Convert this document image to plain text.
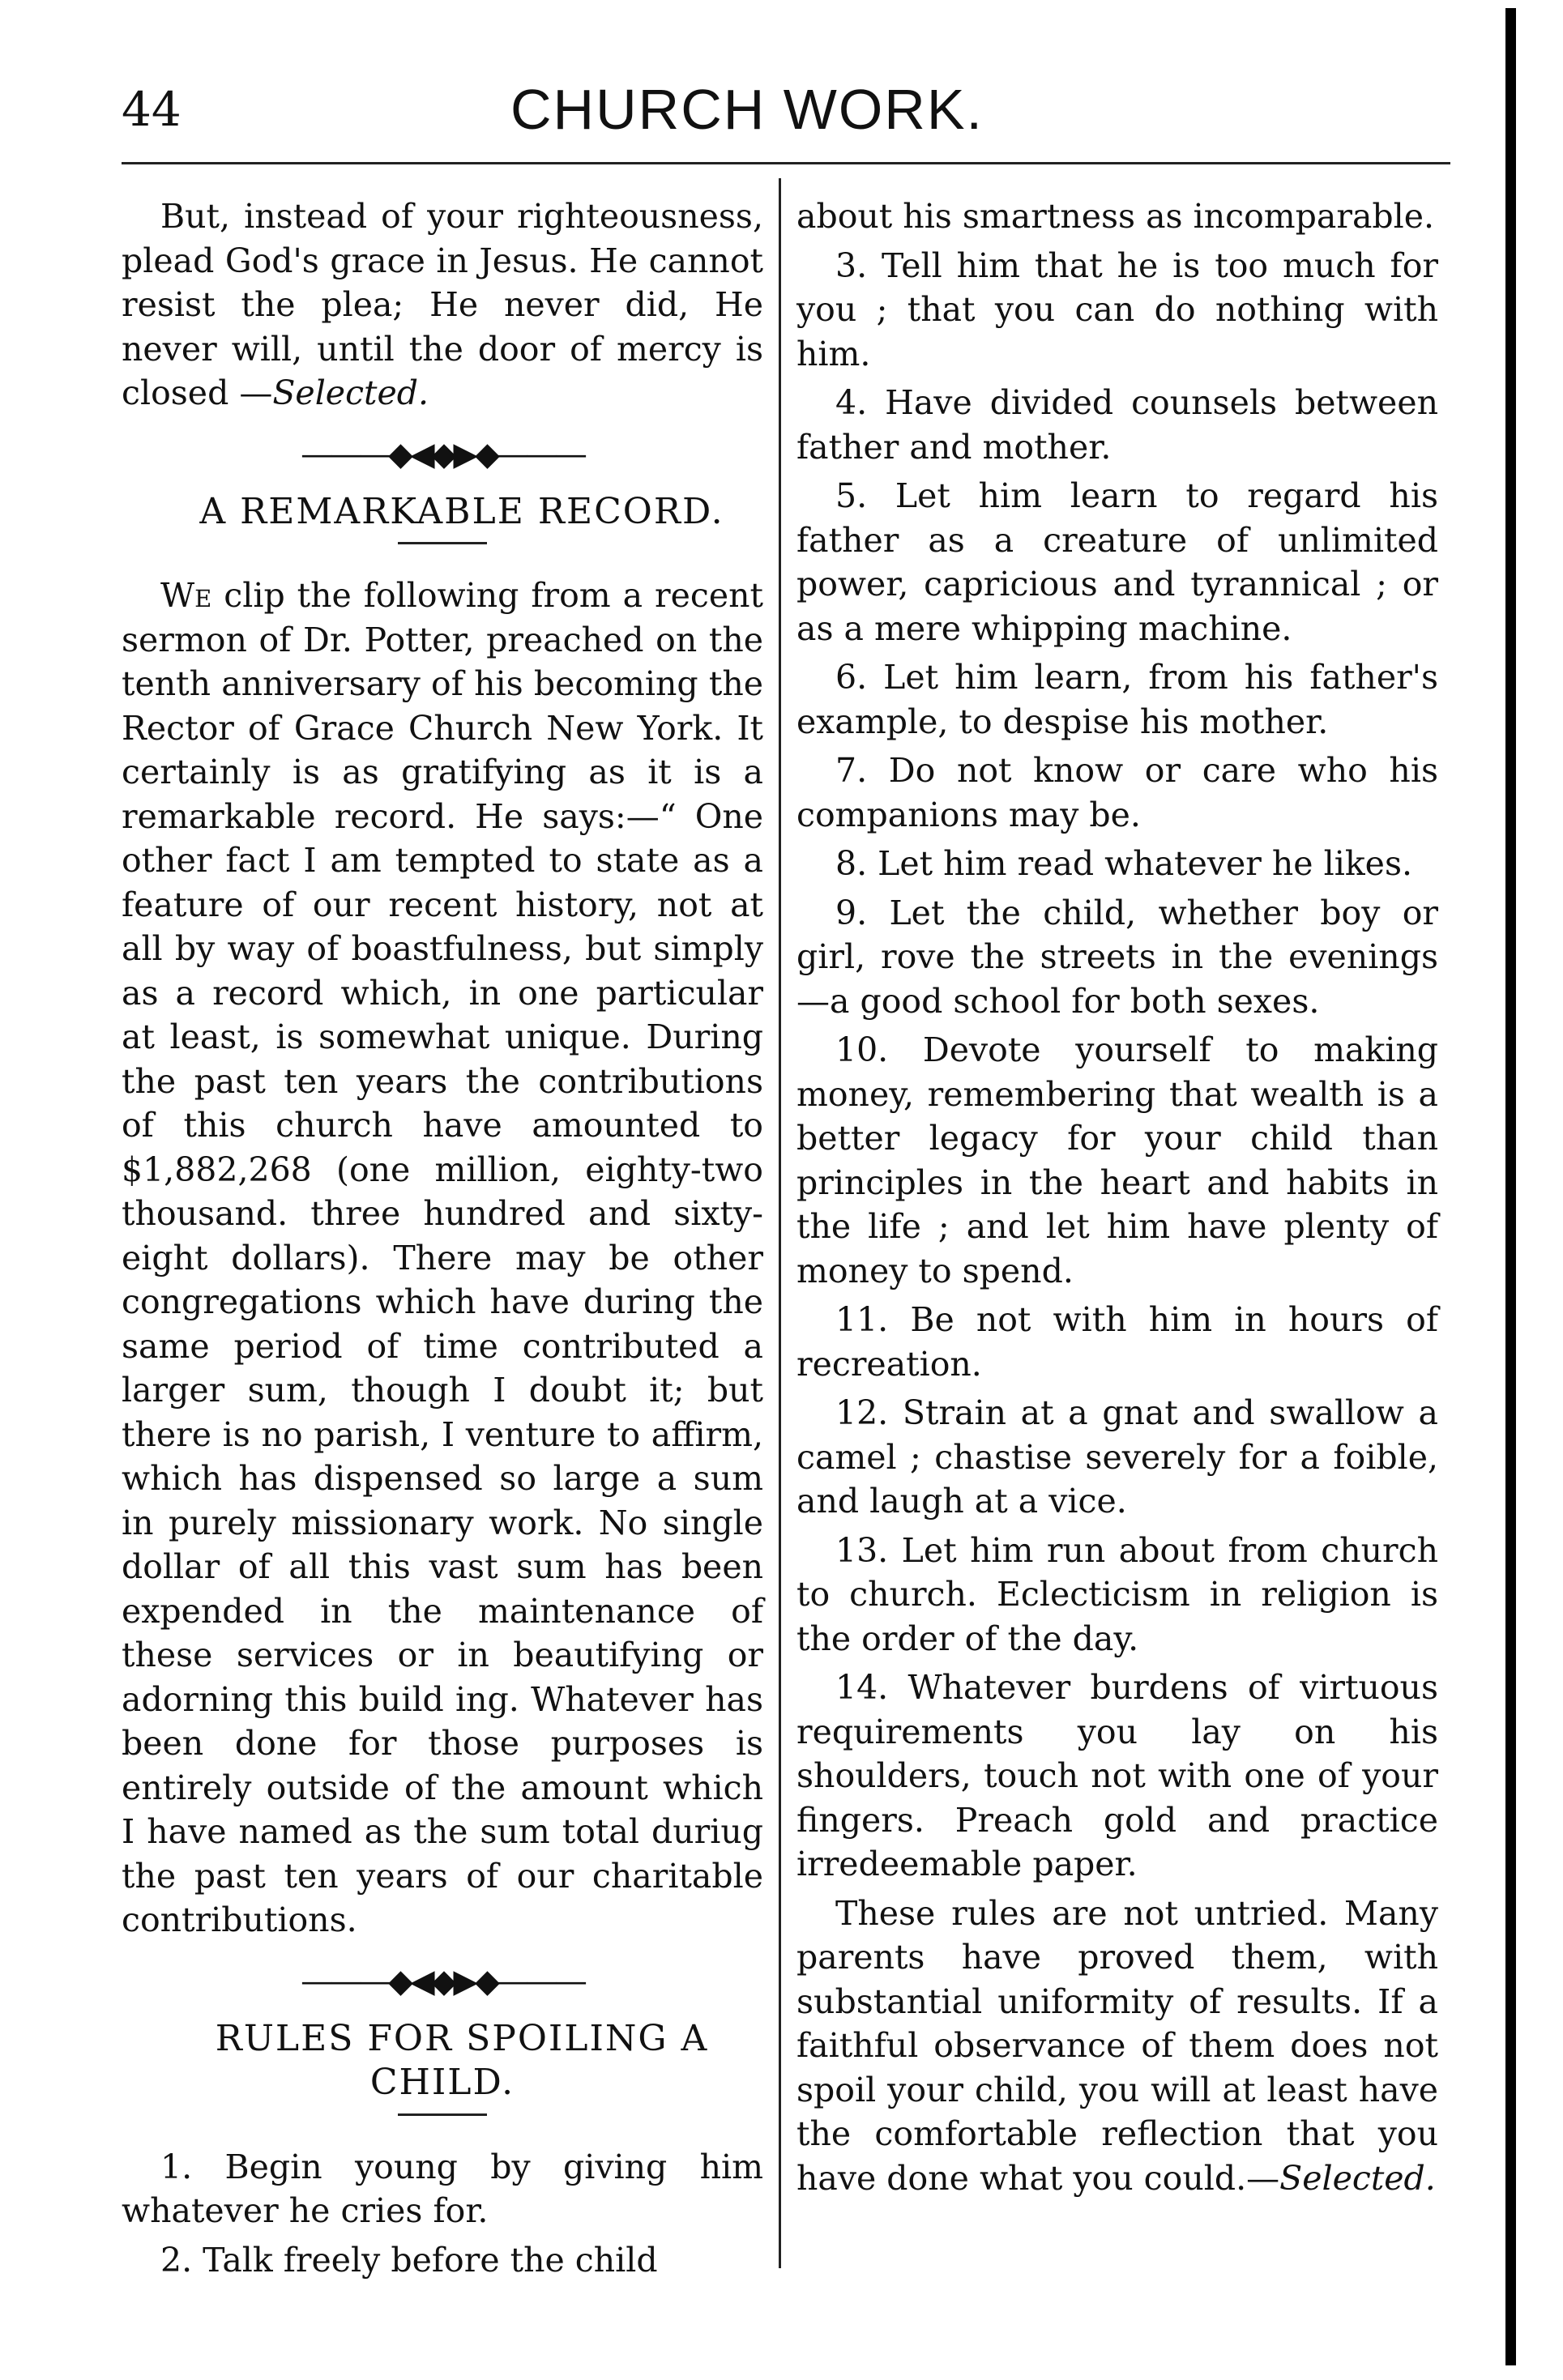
44	CHURCH WORK.

But, instead of your righteousness, plead God's grace in Jesus. He cannot resist the plea; He never did, He never will, until the door of mercy is closed —Selected.

———◆◀◆▶◆———

A REMARKABLE RECORD.

We clip the following from a recent sermon of Dr. Potter, preached on the tenth anniversary of his becoming the Rector of Grace Church New York. It certainly is as gratifying as it is a remarkable record. He says:—“ One other fact I am tempted to state as a feature of our recent history, not at all by way of boastfulness, but simply as a record which, in one particular at least, is somewhat unique. During the past ten years the contributions of this church have amounted to $1,882,268 (one million, eighty-two thousand. three hundred and sixty-eight dollars). There may be other congregations which have during the same period of time contributed a larger sum, though I doubt it; but there is no parish, I venture to affirm, which has dispensed so large a sum in purely missionary work. No single dollar of all this vast sum has been expended in the maintenance of these services or in beautifying or adorning this build ing. Whatever has been done for those purposes is entirely outside of the amount which I have named as the sum total duriug the past ten years of our charitable contributions.

———◆◀◆▶◆———

RULES FOR SPOILING A CHILD.

1. Begin young by giving him whatever he cries for.

2. Talk freely before the child

about his smartness as incomparable.

3. Tell him that he is too much for you ; that you can do nothing with him.

4. Have divided counsels between father and mother.

5. Let him learn to regard his father as a creature of unlimited power, capricious and tyrannical ; or as a mere whipping machine.

6. Let him learn, from his father's example, to despise his mother.

7. Do not know or care who his companions may be.

8. Let him read whatever he likes.

9. Let the child, whether boy or girl, rove the streets in the evenings—a good school for both sexes.

10. Devote yourself to making money, remembering that wealth is a better legacy for your child than principles in the heart and habits in the life ; and let him have plenty of money to spend.

11. Be not with him in hours of recreation.

12. Strain at a gnat and swallow a camel ; chastise severely for a foible, and laugh at a vice.

13. Let him run about from church to church. Eclecticism in religion is the order of the day.

14. Whatever burdens of virtuous requirements you lay on his shoulders, touch not with one of your fingers. Preach gold and practice irredeemable paper.

These rules are not untried. Many parents have proved them, with substantial uniformity of results. If a faithful observance of them does not spoil your child, you will at least have the comfortable reflection that you have done what you could.—Selected.
